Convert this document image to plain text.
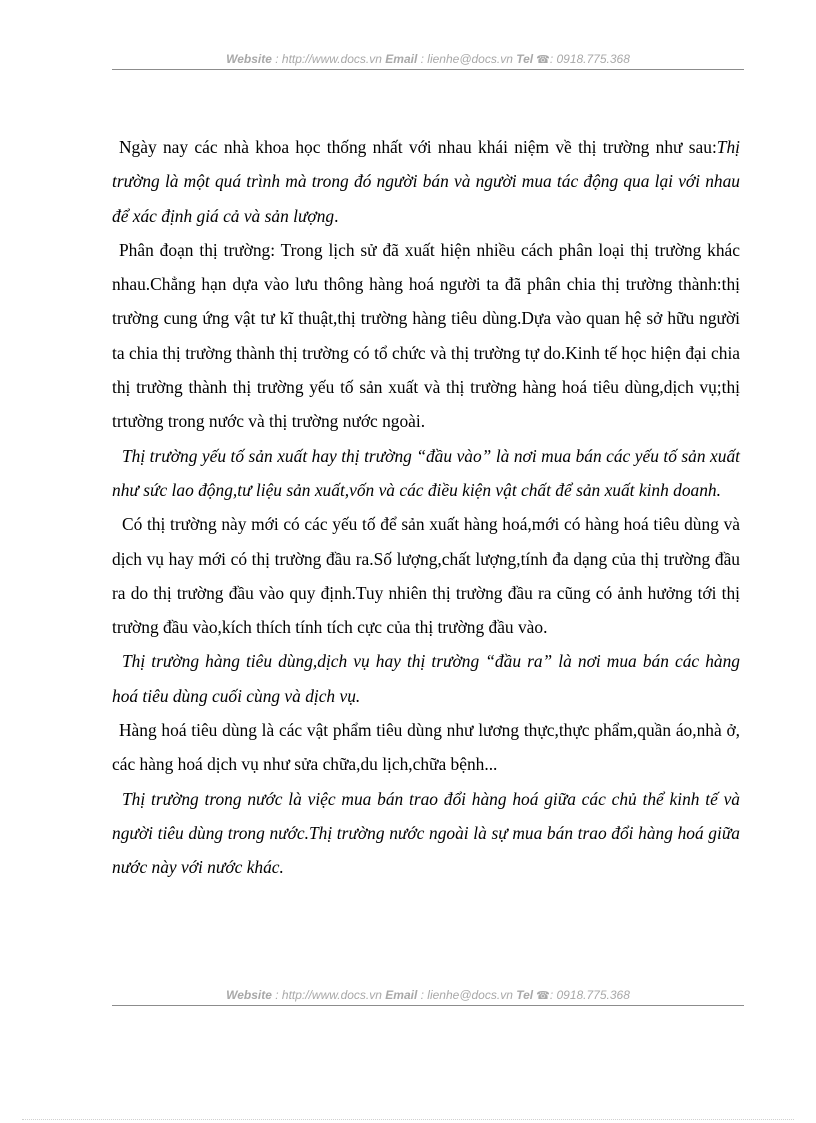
Website : http://www.docs.vn Email : lienhe@docs.vn Tel ☎: 0918.775.368

Ngày nay các nhà khoa học thống nhất với nhau khái niệm về thị trường như sau:Thị trường là một quá trình mà trong đó người bán và người mua tác động qua lại với nhau để xác định giá cả và sản lượng.

Phân đoạn thị trường: Trong lịch sử đã xuất hiện nhiều cách phân loại thị trường khác nhau.Chẳng hạn dựa vào lưu thông hàng hoá người ta đã phân chia thị trường thành:thị trường cung ứng vật tư kĩ thuật,thị trường hàng tiêu dùng.Dựa vào quan hệ sở hữu người ta chia thị trường thành thị trường có tổ chức và thị trường tự do.Kinh tế học hiện đại chia thị trường thành thị trường yếu tố sản xuất và thị trường hàng hoá tiêu dùng,dịch vụ;thị trtường trong nước và thị trường nước ngoài.

Thị trường yếu tố sản xuất hay thị trường “đầu vào” là nơi mua bán các yếu tố sản xuất như sức lao động,tư liệu sản xuất,vốn và các điều kiện vật chất để sản xuất kinh doanh.

Có thị trường này mới có các yếu tố để sản xuất hàng hoá,mới có hàng hoá tiêu dùng và dịch vụ hay mới có thị trường đầu ra.Số lượng,chất lượng,tính đa dạng của thị trường đầu ra do thị trường đầu vào quy định.Tuy nhiên thị trường đầu ra cũng có ảnh hưởng tới thị trường đầu vào,kích thích tính tích cực của thị trường đầu vào.

Thị trường hàng tiêu dùng,dịch vụ hay thị trường “đầu ra” là nơi mua bán các hàng hoá tiêu dùng cuối cùng và dịch vụ.

Hàng hoá tiêu dùng là các vật phẩm tiêu dùng như lương thực,thực phẩm,quần áo,nhà ở, các hàng hoá dịch vụ như sửa chữa,du lịch,chữa bệnh...

Thị trường trong nước là việc mua bán trao đổi hàng hoá giữa các chủ thể kinh tế và người tiêu dùng trong nước.Thị trường nước ngoài là sự mua bán trao đổi hàng hoá giữa nước này với nước khác.

Website : http://www.docs.vn Email : lienhe@docs.vn Tel ☎: 0918.775.368
